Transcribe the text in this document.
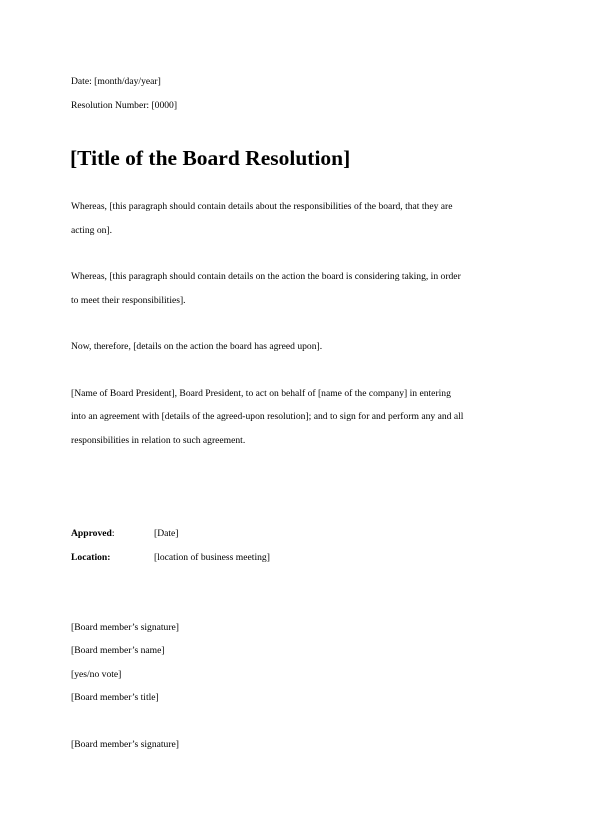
Date: [month/day/year]
Resolution Number: [0000]
[Title of the Board Resolution]
Whereas, [this paragraph should contain details about the responsibilities of the board, that they are
acting on].
Whereas, [this paragraph should contain details on the action the board is considering taking, in order
to meet their responsibilities].
Now, therefore, [details on the action the board has agreed upon].
[Name of Board President], Board President, to act on behalf of [name of the company] in entering
into an agreement with [details of the agreed-upon resolution]; and to sign for and perform any and all
responsibilities in relation to such agreement.
Approved:	[Date]
Location:	[location of business meeting]
[Board member’s signature]
[Board member’s name]
[yes/no vote]
[Board member’s title]
[Board member’s signature]
